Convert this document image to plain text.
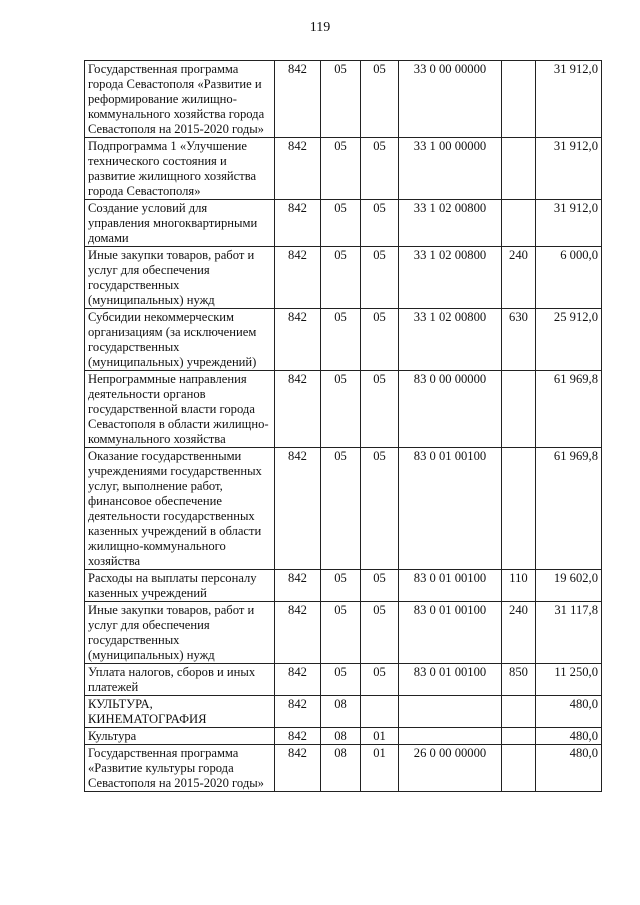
119
Государственная программа города Севастополя «Развитие и реформирование жилищно-коммунального хозяйства города Севастополя на 2015-2020 годы»	842	05	05	33 0 00 00000		31 912,0
Подпрограмма 1 «Улучшение технического состояния и развитие жилищного хозяйства города Севастополя»	842	05	05	33 1 00 00000		31 912,0
Создание условий для управления многоквартирными домами	842	05	05	33 1 02 00800		31 912,0
Иные закупки товаров, работ и услуг для обеспечения государственных (муниципальных) нужд	842	05	05	33 1 02 00800	240	6 000,0
Субсидии некоммерческим организациям (за исключением государственных (муниципальных) учреждений)	842	05	05	33 1 02 00800	630	25 912,0
Непрограммные направления деятельности органов государственной власти города Севастополя в области жилищно-коммунального хозяйства	842	05	05	83 0 00 00000		61 969,8
Оказание государственными учреждениями государственных услуг, выполнение работ, финансовое обеспечение деятельности государственных казенных учреждений в области жилищно-коммунального хозяйства	842	05	05	83 0 01 00100		61 969,8
Расходы на выплаты персоналу казенных учреждений	842	05	05	83 0 01 00100	110	19 602,0
Иные закупки товаров, работ и услуг для обеспечения государственных (муниципальных) нужд	842	05	05	83 0 01 00100	240	31 117,8
Уплата налогов, сборов и иных платежей	842	05	05	83 0 01 00100	850	11 250,0
КУЛЬТУРА, КИНЕМАТОГРАФИЯ	842	08				480,0
Культура	842	08	01			480,0
Государственная программа «Развитие культуры города Севастополя на 2015-2020 годы»	842	08	01	26 0 00 00000		480,0
